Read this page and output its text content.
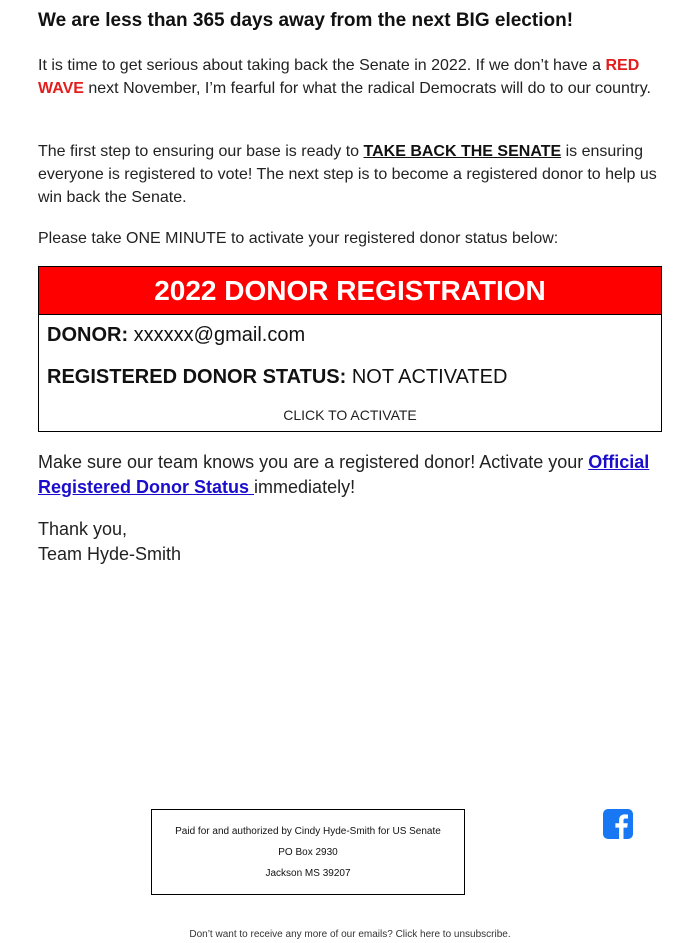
We are less than 365 days away from the next BIG election!

It is time to get serious about taking back the Senate in 2022. If we don’t have a RED WAVE next November, I’m fearful for what the radical Democrats will do to our country.

The first step to ensuring our base is ready to TAKE BACK THE SENATE is ensuring everyone is registered to vote! The next step is to become a registered donor to help us win back the Senate.

Please take ONE MINUTE to activate your registered donor status below:

2022 DONOR REGISTRATION
DONOR: xxxxxx@gmail.com
REGISTERED DONOR STATUS: NOT ACTIVATED
CLICK TO ACTIVATE

Make sure our team knows you are a registered donor! Activate your Official Registered Donor Status immediately!

Thank you,
Team Hyde-Smith

Paid for and authorized by Cindy Hyde-Smith for US Senate
PO Box 2930
Jackson MS 39207
Don’t want to receive any more of our emails? Click here to unsubscribe.
